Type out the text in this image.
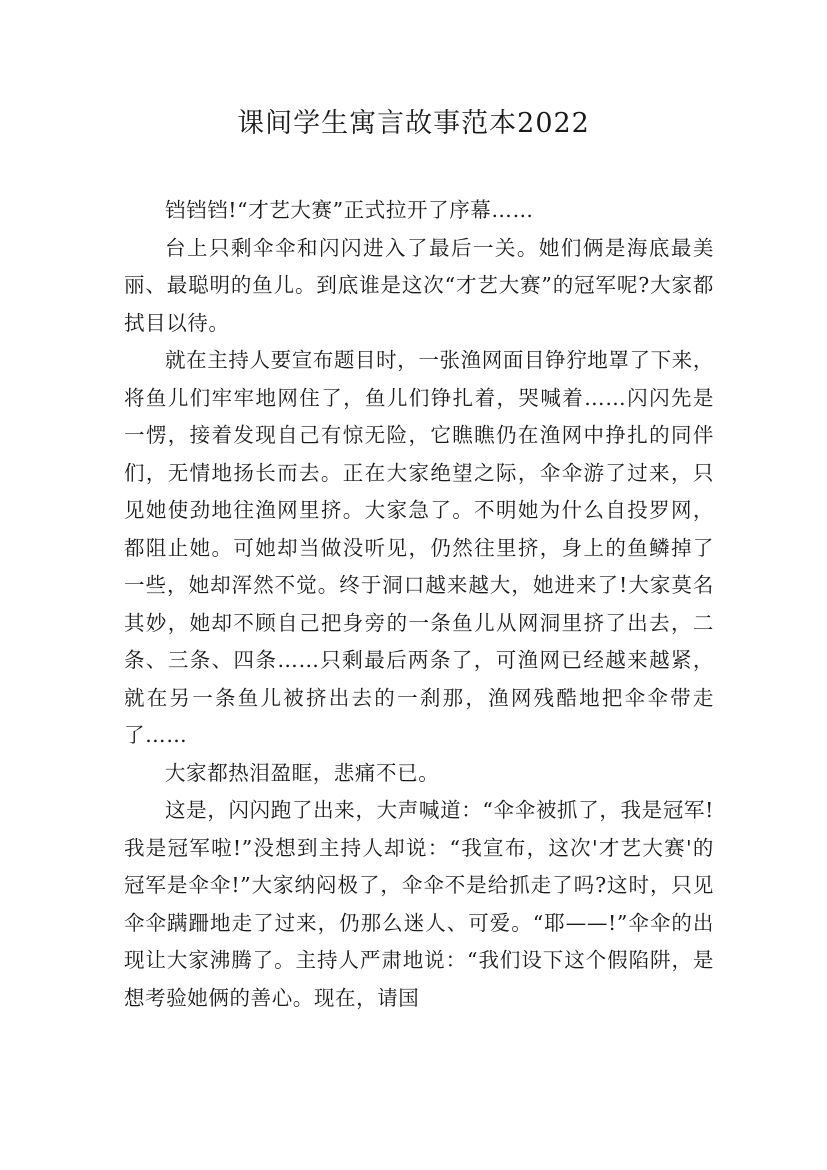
课间学生寓言故事范本2022

铛铛铛!“才艺大赛”正式拉开了序幕……

台上只剩伞伞和闪闪进入了最后一关。她们俩是海底最美丽、最聪明的鱼儿。到底谁是这次“才艺大赛”的冠军呢?大家都拭目以待。

就在主持人要宣布题目时，一张渔网面目铮狞地罩了下来，将鱼儿们牢牢地网住了，鱼儿们铮扎着，哭喊着……闪闪先是一愣，接着发现自己有惊无险，它瞧瞧仍在渔网中挣扎的同伴们，无情地扬长而去。正在大家绝望之际，伞伞游了过来，只见她使劲地往渔网里挤。大家急了。不明她为什么自投罗网，都阻止她。可她却当做没听见，仍然往里挤，身上的鱼鳞掉了一些，她却浑然不觉。终于洞口越来越大，她进来了!大家莫名其妙，她却不顾自己把身旁的一条鱼儿从网洞里挤了出去，二条、三条、四条……只剩最后两条了，可渔网已经越来越紧，就在另一条鱼儿被挤出去的一刹那，渔网残酷地把伞伞带走了……

大家都热泪盈眶，悲痛不已。

这是，闪闪跑了出来，大声喊道：“伞伞被抓了，我是冠军!我是冠军啦!”没想到主持人却说：“我宣布，这次'才艺大赛'的冠军是伞伞!”大家纳闷极了，伞伞不是给抓走了吗?这时，只见伞伞蹒跚地走了过来，仍那么迷人、可爱。“耶——!”伞伞的出现让大家沸腾了。主持人严肃地说：“我们设下这个假陷阱，是想考验她俩的善心。现在，请国
